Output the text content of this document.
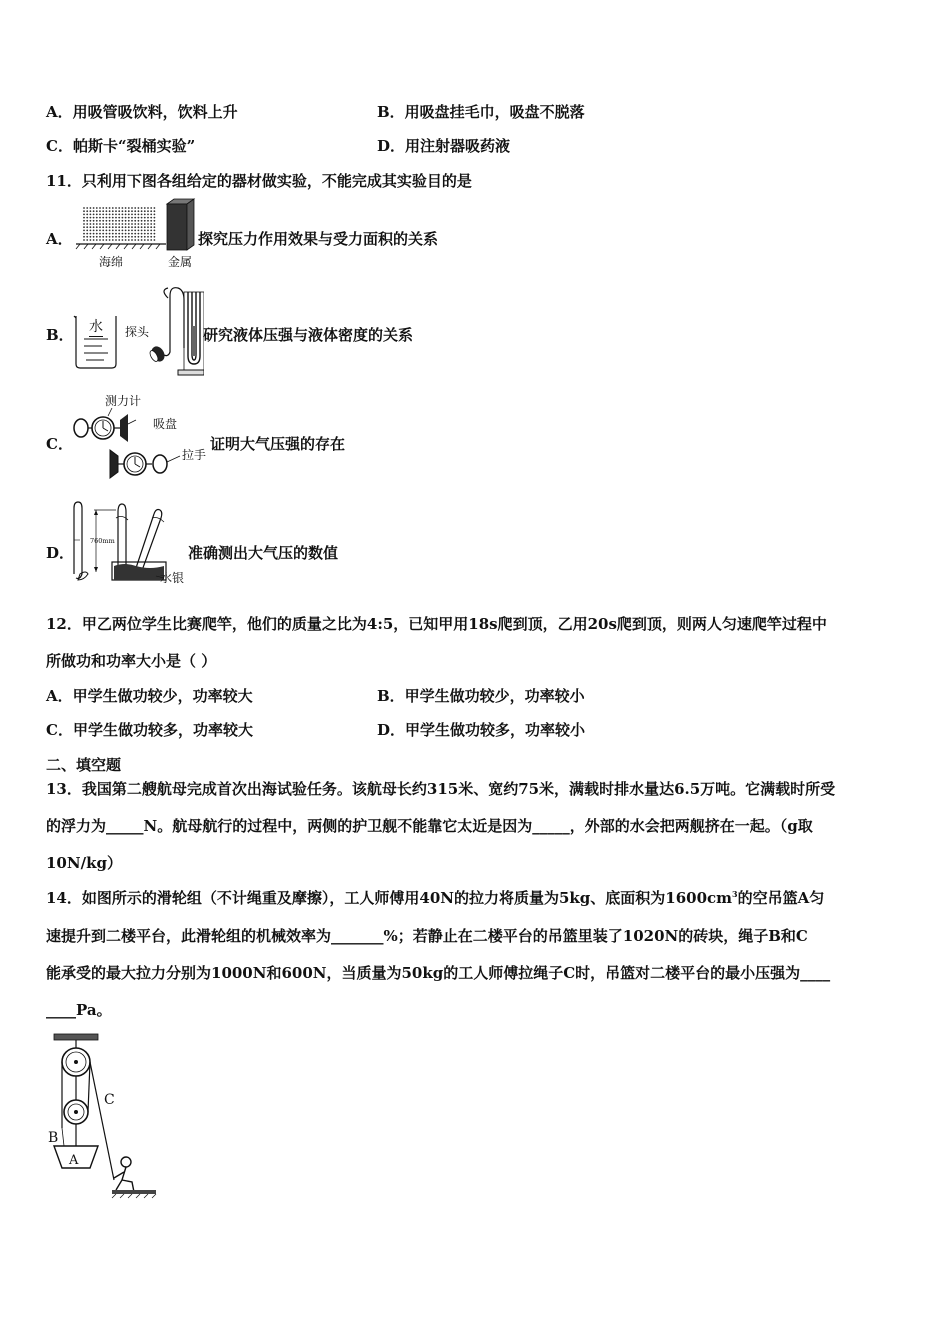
A．用吸管吸饮料，饮料上升	B．用吸盘挂毛巾，吸盘不脱落
C．帕斯卡“裂桶实验”	D．用注射器吸药液
11．只利用下图各组给定的器材做实验，不能完成其实验目的是
A．
海绵	金属
探究压力作用效果与受力面积的关系
B． 水 探头	研究液体压强与液体密度的关系
C．
测力计
吸盘
拉手
证明大气压强的存在
D．
760mm
水银
准确测出大气压的数值
12．甲乙两位学生比赛爬竿，他们的质量之比为4:5，已知甲用18s爬到顶，乙用20s爬到顶，则两人匀速爬竿过程中
所做功和功率大小是（ ）
A．甲学生做功较少，功率较大	B．甲学生做功较少，功率较小
C．甲学生做功较多，功率较大	D．甲学生做功较多，功率较小
二、填空题
13．我国第二艘航母完成首次出海试验任务。该航母长约315米、宽约75米，满载时排水量达6.5万吨。它满载时所受
的浮力为_____N。航母航行的过程中，两侧的护卫舰不能靠它太近是因为_____，外部的水会把两舰挤在一起。（g取
10N/kg）
14．如图所示的滑轮组（不计绳重及摩擦），工人师傅用40N的拉力将质量为5kg、底面积为$1600cm^3$的空吊篮A匀
速提升到二楼平台，此滑轮组的机械效率为_______%；若静止在二楼平台的吊篮里装了1020N的砖块，绳子B和C
能承受的最大拉力分别为1000N和600N，当质量为50kg的工人师傅拉绳子C时，吊篮对二楼平台的最小压强为____
____Pa。
C
B
A
